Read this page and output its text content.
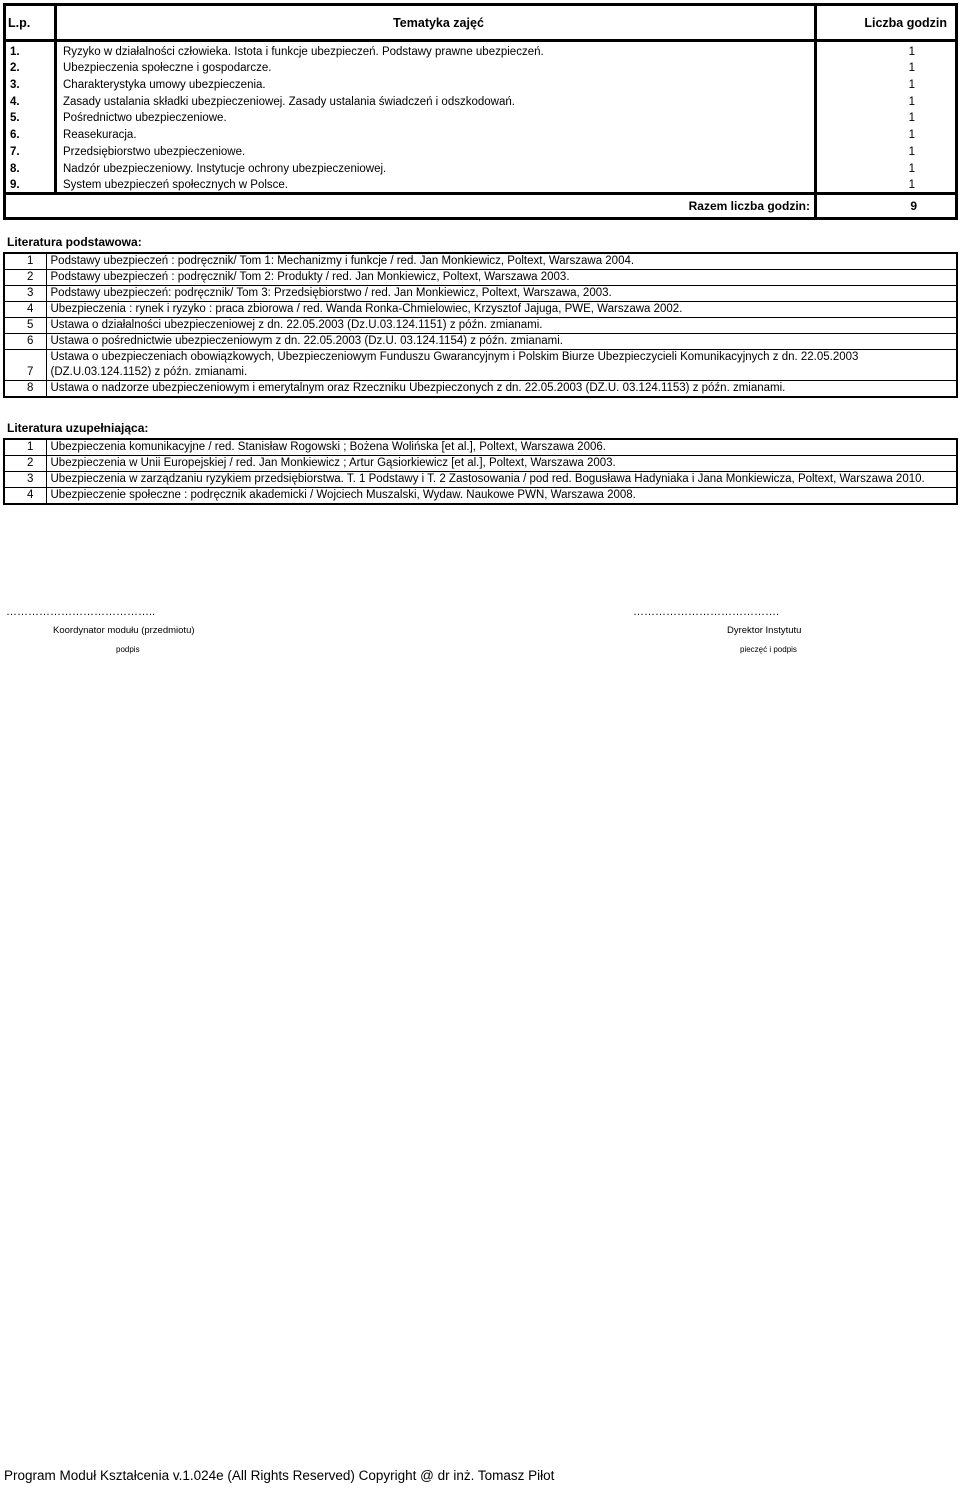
L.p.	Tematyka zajęć	Liczba godzin
1.	Ryzyko w działalności człowieka. Istota i funkcje ubezpieczeń. Podstawy prawne ubezpieczeń.	1
2.	Ubezpieczenia społeczne i gospodarcze.	1
3.	Charakterystyka umowy ubezpieczenia.	1
4.	Zasady ustalania składki ubezpieczeniowej. Zasady ustalania świadczeń i odszkodowań.	1
5.	Pośrednictwo ubezpieczeniowe.	1
6.	Reasekuracja.	1
7.	Przedsiębiorstwo ubezpieczeniowe.	1
8.	Nadzór ubezpieczeniowy. Instytucje ochrony ubezpieczeniowej.	1
9.	System ubezpieczeń społecznych w Polsce.	1
Razem liczba godzin:		9
Literatura podstawowa:
1	Podstawy ubezpieczeń : podręcznik/ Tom 1: Mechanizmy i funkcje / red. Jan Monkiewicz, Poltext, Warszawa 2004.
2	Podstawy ubezpieczeń : podręcznik/ Tom 2: Produkty / red. Jan Monkiewicz, Poltext, Warszawa 2003.
3	Podstawy ubezpieczeń: podręcznik/ Tom 3: Przedsiębiorstwo / red. Jan Monkiewicz, Poltext, Warszawa, 2003.
4	Ubezpieczenia : rynek i ryzyko : praca zbiorowa / red. Wanda Ronka-Chmielowiec, Krzysztof Jajuga, PWE, Warszawa 2002.
5	Ustawa o działalności ubezpieczeniowej z dn. 22.05.2003 (Dz.U.03.124.1151) z późn. zmianami.
6	Ustawa o pośrednictwie ubezpieczeniowym z dn. 22.05.2003 (Dz.U. 03.124.1154) z późn. zmianami.
7	Ustawa o ubezpieczeniach obowiązkowych, Ubezpieczeniowym Funduszu Gwarancyjnym i Polskim Biurze Ubezpieczycieli Komunikacyjnych z dn. 22.05.2003 (DZ.U.03.124.1152) z późn. zmianami.
8	Ustawa o nadzorze ubezpieczeniowym i emerytalnym oraz Rzeczniku Ubezpieczonych z dn. 22.05.2003 (DZ.U. 03.124.1153) z późn. zmianami.
Literatura uzupełniająca:
1	Ubezpieczenia komunikacyjne / red. Stanisław Rogowski ; Bożena Wolińska [et al.], Poltext, Warszawa 2006.
2	Ubezpieczenia w Unii Europejskiej / red. Jan Monkiewicz ; Artur Gąsiorkiewicz [et al.], Poltext, Warszawa 2003.
3	Ubezpieczenia w zarządzaniu ryzykiem przedsiębiorstwa. T. 1 Podstawy i T. 2 Zastosowania / pod red. Bogusława Hadyniaka i Jana Monkiewicza, Poltext, Warszawa 2010.
4	Ubezpieczenie społeczne : podręcznik akademicki / Wojciech Muszalski, Wydaw. Naukowe PWN, Warszawa 2008.
…………………………………..
Koordynator modułu (przedmiotu)
podpis
………………………………….
Dyrektor Instytutu
pieczęć i podpis
Program Moduł Kształcenia v.1.024e (All Rights Reserved) Copyright @ dr inż. Tomasz Piłot
